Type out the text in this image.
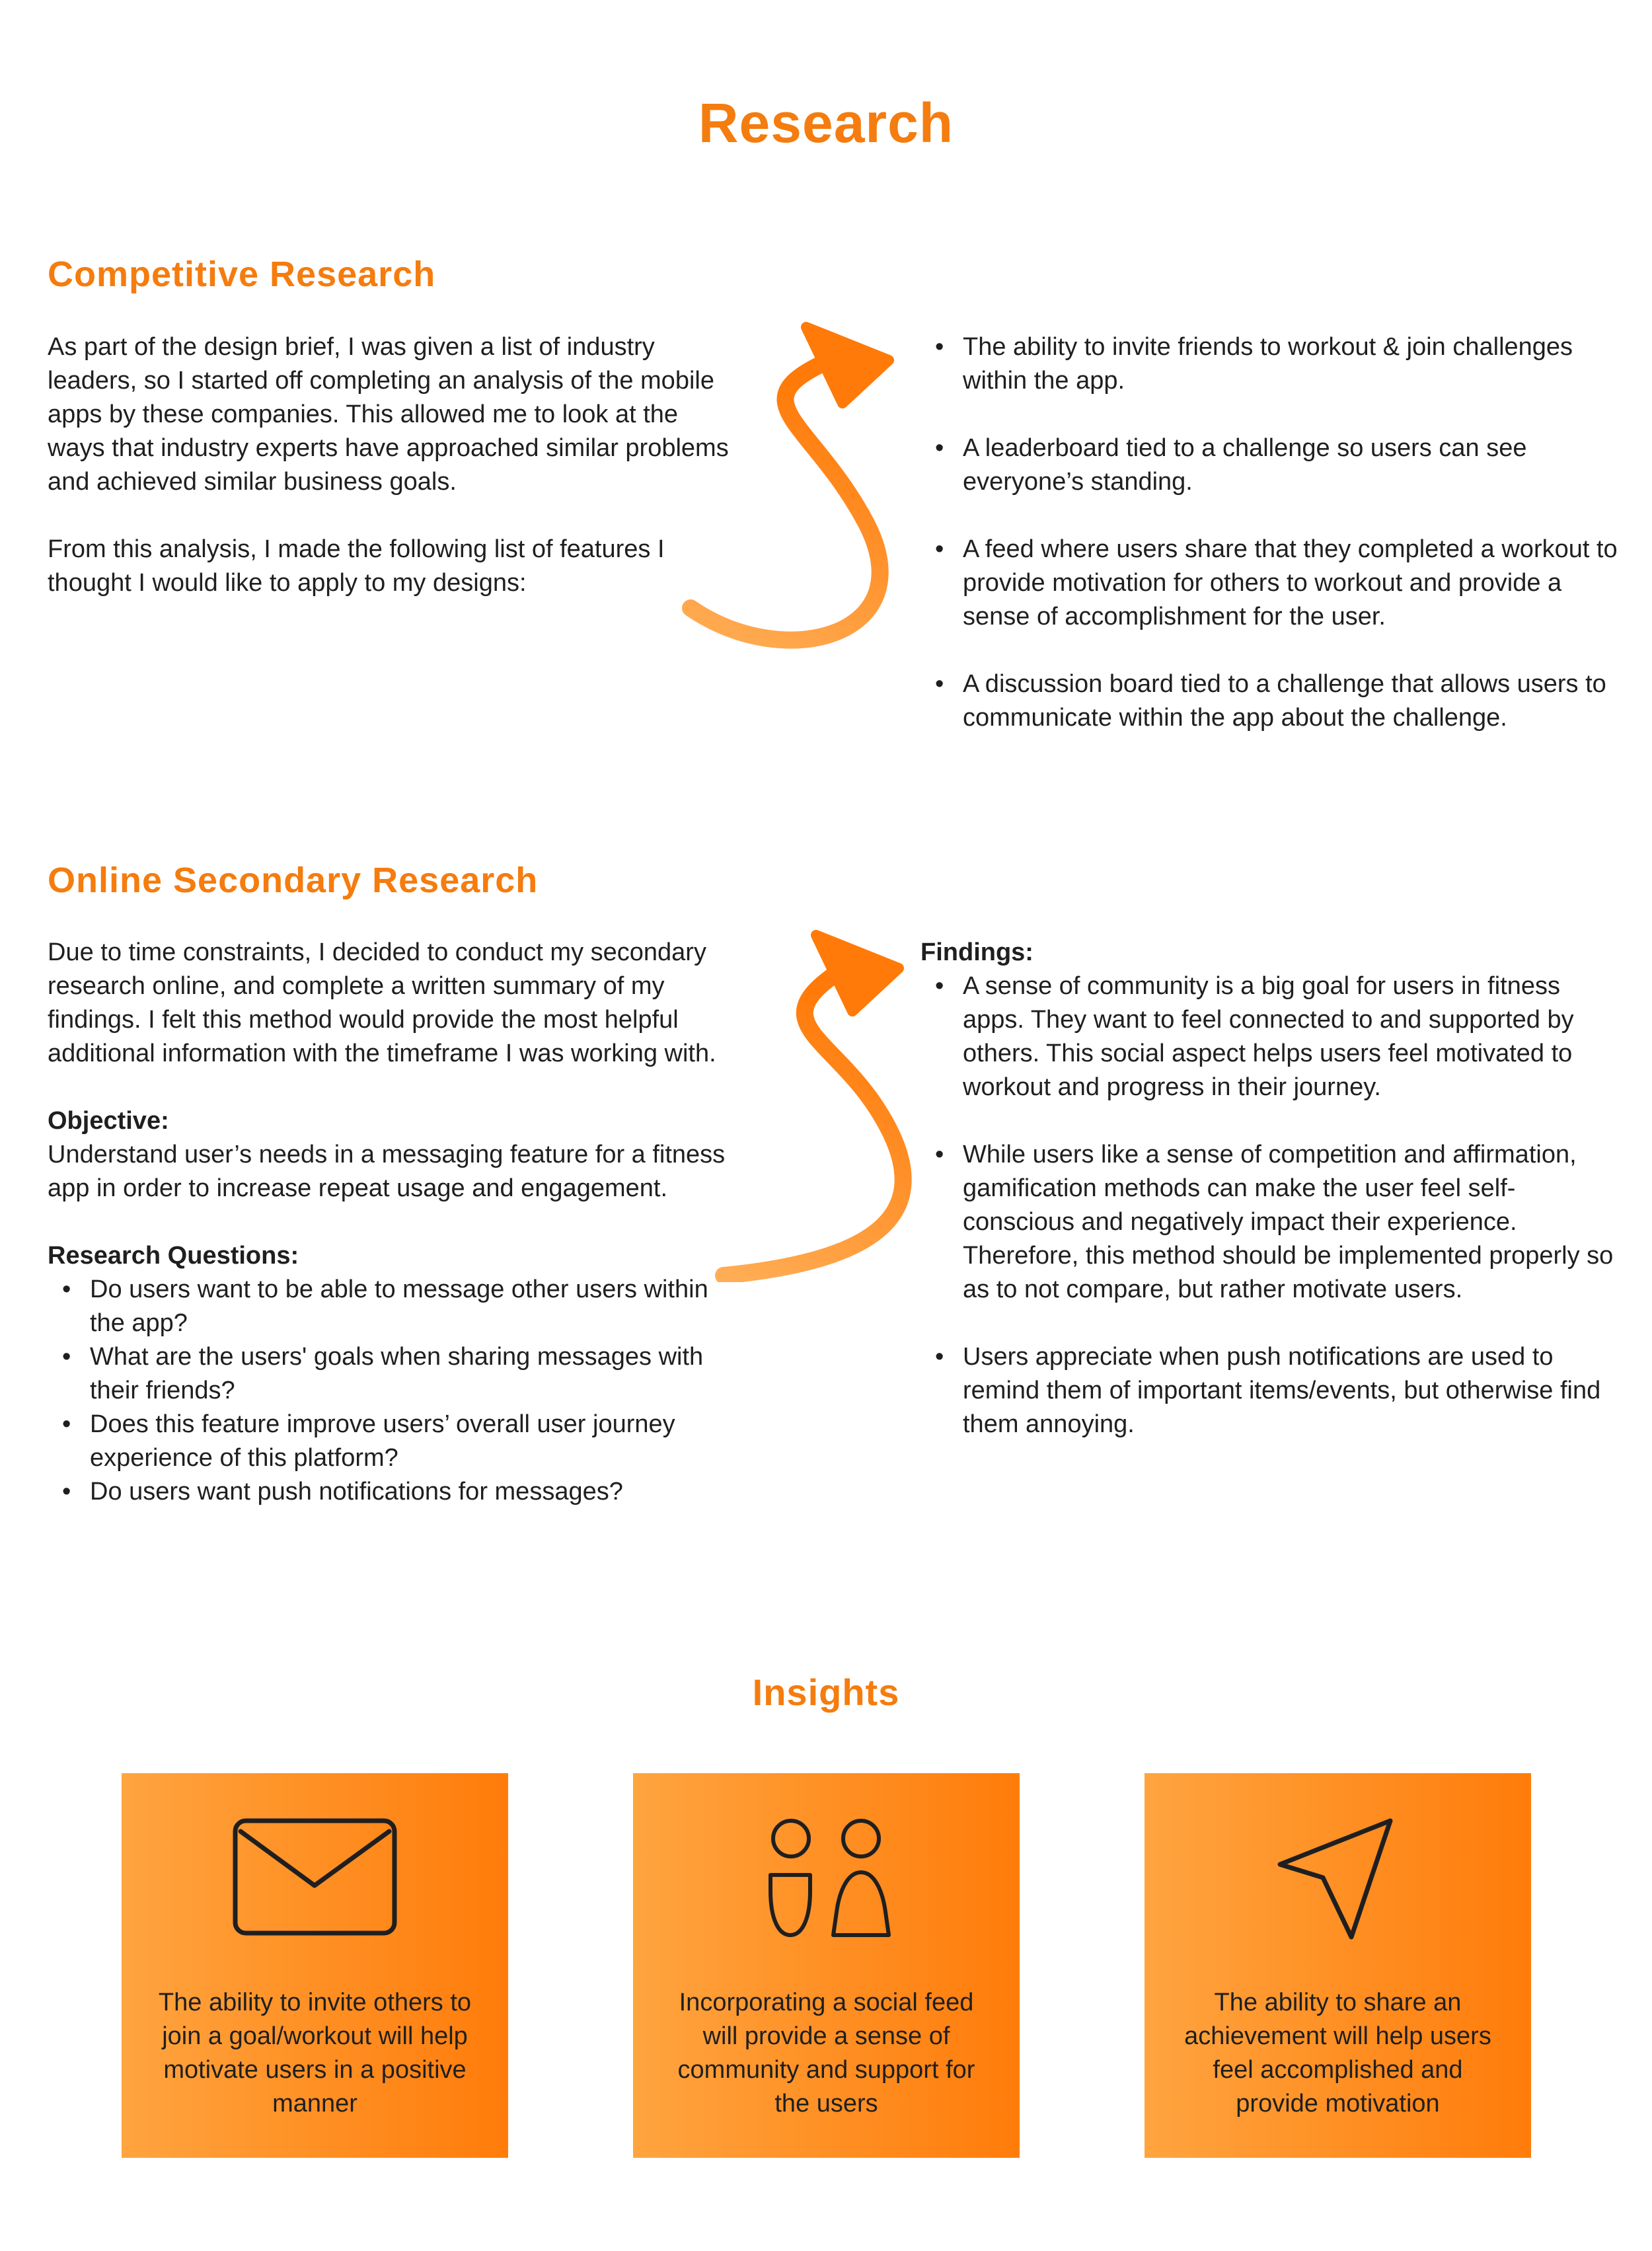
Research
Competitive Research

As part of the design brief, I was given a list of industry leaders, so I started off completing an analysis of the mobile apps by these companies. This allowed me to look at the ways that industry experts have approached similar problems and achieved similar business goals.

From this analysis, I made the following list of features I thought I would like to apply to my designs:

• The ability to invite friends to workout & join challenges within the app.
• A leaderboard tied to a challenge so users can see everyone’s standing.
• A feed where users share that they completed a workout to provide motivation for others to workout and provide a sense of accomplishment for the user.
• A discussion board tied to a challenge that allows users to communicate within the app about the challenge.
Online Secondary Research

Due to time constraints, I decided to conduct my secondary research online, and complete a written summary of my findings. I felt this method would provide the most helpful additional information with the timeframe I was working with.

Objective:

Understand user’s needs in a messaging feature for a fitness app in order to increase repeat usage and engagement.

Research Questions:

• Do users want to be able to message other users within the app?
• What are the users' goals when sharing messages with their friends?
• Does this feature improve users’ overall user journey experience of this platform?
• Do users want push notifications for messages?

Findings:

• A sense of community is a big goal for users in fitness apps. They want to feel connected to and supported by others. This social aspect helps users feel motivated to workout and progress in their journey.
• While users like a sense of competition and affirmation, gamification methods can make the user feel self-conscious and negatively impact their experience. Therefore, this method should be implemented properly so as to not compare, but rather motivate users.
• Users appreciate when push notifications are used to remind them of important items/events, but otherwise find them annoying.
Insights
The ability to invite others to join a goal/workout will help motivate users in a positive manner
Incorporating a social feed will provide a sense of community and support for the users
The ability to share an achievement will help users feel accomplished and provide motivation
